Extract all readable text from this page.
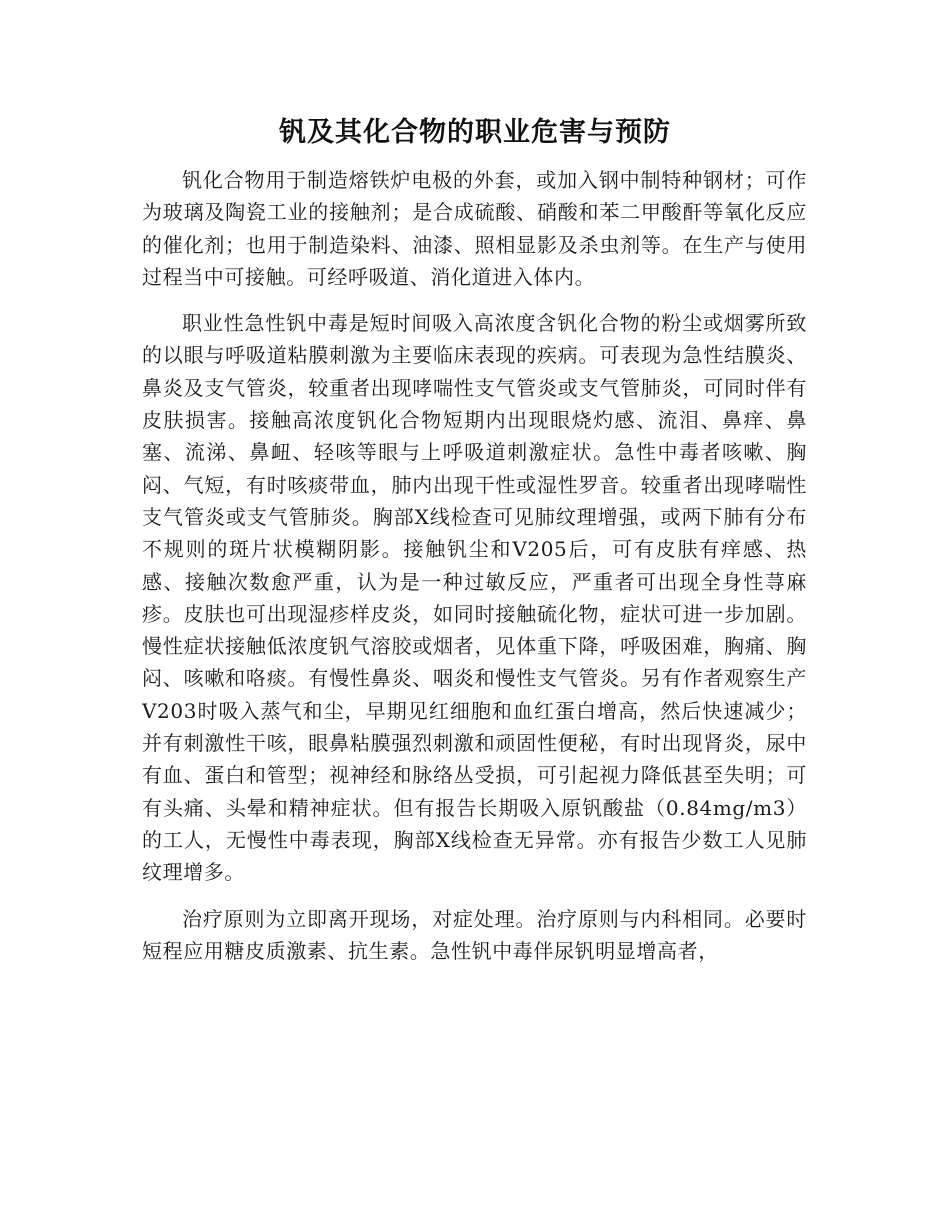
钒及其化合物的职业危害与预防

钒化合物用于制造熔铁炉电极的外套，或加入钢中制特种钢材；可作为玻璃及陶瓷工业的接触剂；是合成硫酸、硝酸和苯二甲酸酐等氧化反应的催化剂；也用于制造染料、油漆、照相显影及杀虫剂等。在生产与使用过程当中可接触。可经呼吸道、消化道进入体内。

职业性急性钒中毒是短时间吸入高浓度含钒化合物的粉尘或烟雾所致的以眼与呼吸道粘膜刺激为主要临床表现的疾病。可表现为急性结膜炎、鼻炎及支气管炎，较重者出现哮喘性支气管炎或支气管肺炎，可同时伴有皮肤损害。接触高浓度钒化合物短期内出现眼烧灼感、流泪、鼻痒、鼻塞、流涕、鼻衄、轻咳等眼与上呼吸道刺激症状。急性中毒者咳嗽、胸闷、气短，有时咳痰带血，肺内出现干性或湿性罗音。较重者出现哮喘性支气管炎或支气管肺炎。胸部X线检查可见肺纹理增强，或两下肺有分布不规则的斑片状模糊阴影。接触钒尘和V205后，可有皮肤有痒感、热感、接触次数愈严重，认为是一种过敏反应，严重者可出现全身性荨麻疹。皮肤也可出现湿疹样皮炎，如同时接触硫化物，症状可进一步加剧。慢性症状接触低浓度钒气溶胶或烟者，见体重下降，呼吸困难，胸痛、胸闷、咳嗽和咯痰。有慢性鼻炎、咽炎和慢性支气管炎。另有作者观察生产V203时吸入蒸气和尘，早期见红细胞和血红蛋白增高，然后快速减少；并有刺激性干咳，眼鼻粘膜强烈刺激和顽固性便秘，有时出现肾炎，尿中有血、蛋白和管型；视神经和脉络丛受损，可引起视力降低甚至失明；可有头痛、头晕和精神症状。但有报告长期吸入原钒酸盐（0.84mg/m3）的工人，无慢性中毒表现，胸部X线检查无异常。亦有报告少数工人见肺纹理增多。

治疗原则为立即离开现场，对症处理。治疗原则与内科相同。必要时短程应用糖皮质激素、抗生素。急性钒中毒伴尿钒明显增高者，
